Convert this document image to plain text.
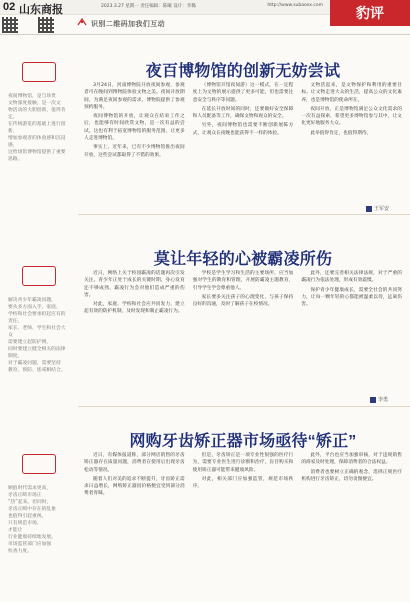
02 山东商报	2023.3.27 星期一 责任编辑：陈曦 设计：李璐	http://www.subaoxx.com
豹评
识别二维码加我们互动
夜间博物馆，是与珍贵
文物深度接触，是一次文
物活动的大胆创新，值得肯定。
在传统游览的基础上进行创新，
增加参观者的体验感和沉浸感，
这给场馆博物馆提供了重要思路。
解决青少年霸凌问题，
要从多方面入手。家庭、
学校和社会要承担起应有的责任，
家长、老师、学生和社会大众
需要建立起防护网，
同时要建立健全相关的法律制度。
对于霸凌问题，需要坚持
教育、预防、惩戒相结合。
顾值时代需求更高，
牙齿正畸市场正
“热”起来。但同时，
牙齿正畸中存在的乱象
也值得引起重视。
只有规范市场，
才能让
行业健康持续地发展。
市场监管部门应加强
检查力度。
夜百博物馆的创新无妨尝试

3月24日，河南博物院开放夜间参观，参观者可在晚间到博物院体验文物之美。夜间开放期间，为满足夜间参观的需求，博物院提供了参观预约服务。

夜间博物馆的开放，让观众在结束工作之后，也能够有时间欣赏文物，是一次有益的尝试。这也有利于拓宽博物馆的服务范围，让更多人走进博物馆。

事实上，近年来，已有不少博物馆推出夜间开放，这些尝试都取得了不错的效果。

（博物馆开馆夜间游）这一模式，在一定程度上为文物的展示提供了更多可能，但也需要注意安全与秩序等问题。

在延长开放时间的同时，还要做好安全保障和人员配备等工作，确保文物和观众的安全。

另外，夜间博物馆也需要不断创新展陈方式，让观众在夜晚也能获得不一样的体验。

文物活起来，是文物保护和利用的重要目标。让文物走进大众的生活，提高公众的文化素养，也是博物馆的使命所在。

夜间开放，正是博物馆满足公众文化需求的一次有益探索，希望更多博物馆参与其中，让文化更好地服务大众。

此举值得肯定，也值得期待。

王军安
莫让年轻的心被霸凌所伤

近日，网络上关于校园霸凌的话题再次引发关注。青少年正处于成长的关键时期，身心发育还不够成熟，霸凌行为会对他们造成严重的伤害。

对此，家庭、学校和社会应共同发力，建立起有效的防护机制，及时发现和制止霸凌行为。

学校是学生学习和生活的主要场所，应当加强对学生的教育和管理，开展防霸凌主题教育，引导学生学会尊重他人。

家长要多关注孩子的心理变化，与孩子保持良好的沟通，及时了解孩子在校情况。

此外，还要完善相关法律法规，对于严重的霸凌行为依法处理，形成有效震慑。

保护青少年健康成长，需要全社会的共同努力，让每一颗年轻的心都能被温柔以待，远离伤害。

李勇
网购牙齿矫正器市场亟待“矫正”

近日，有媒体报道称，部分网店销售的牙齿矫正器存在质量问题，消费者在使用后出现牙齿松动等情况。

随着人们对美的追求不断提升，牙齿矫正需求日益增长，网购矫正器因价格便宜受到部分消费者青睐。

但是，牙齿矫正是一项专业性很强的医疗行为，需要专业医生进行诊断和治疗，盲目购买和使用矫正器可能带来健康风险。

对此，相关部门应加强监管，规范市场秩序。

此外，平台也应当加强审核，对于违规销售的商家及时处理，保障消费者的合法权益。

消费者也要树立正确的观念，选择正规医疗机构进行牙齿矫正，切勿贪图便宜。
